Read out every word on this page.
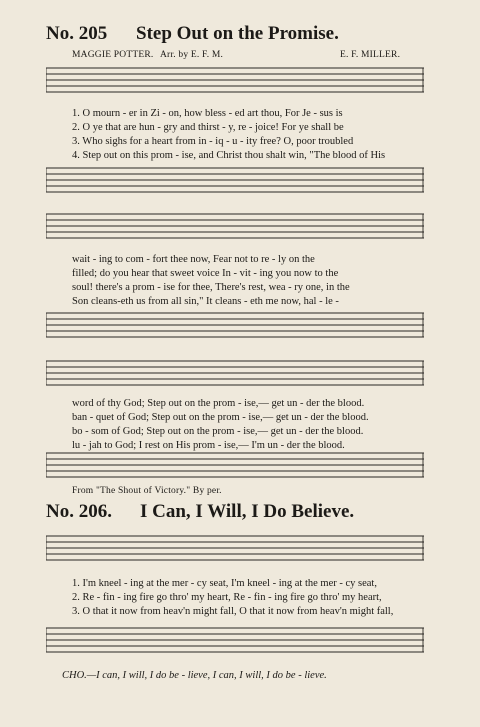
No. 205 Step Out on the Promise.
MAGGIE POTTER. Arr. by E. F. M.	E. F. MILLER.
1. O mourn - er in Zi - on, how bless - ed art thou, For Je - sus is
2. O ye that are hun - gry and thirst - y, re - joice! For ye shall be
3. Who sighs for a heart from in - iq - u - ity free? O, poor troubled
4. Step out on this prom - ise, and Christ thou shalt win, "The blood of His
wait - ing to com - fort thee now, Fear not to re - ly on the
filled; do you hear that sweet voice In - vit - ing you now to the
soul! there's a prom - ise for thee, There's rest, wea - ry one, in the
Son cleans-eth us from all sin," It cleans - eth me now, hal - le -
word of thy God; Step out on the prom - ise,— get un - der the blood.
ban - quet of God; Step out on the prom - ise,— get un - der the blood.
bo - som of God; Step out on the prom - ise,— get un - der the blood.
lu - jah to God; I rest on His prom - ise,— I'm un - der the blood.
From "The Shout of Victory." By per.
No. 206. I Can, I Will, I Do Believe.
1. I'm kneel - ing at the mer - cy seat, I'm kneel - ing at the mer - cy seat,
2. Re - fin - ing fire go thro' my heart, Re - fin - ing fire go thro' my heart,
3. O that it now from heav'n might fall, O that it now from heav'n might fall,
CHO.—I can, I will, I do be - lieve, I can, I will, I do be - lieve.
